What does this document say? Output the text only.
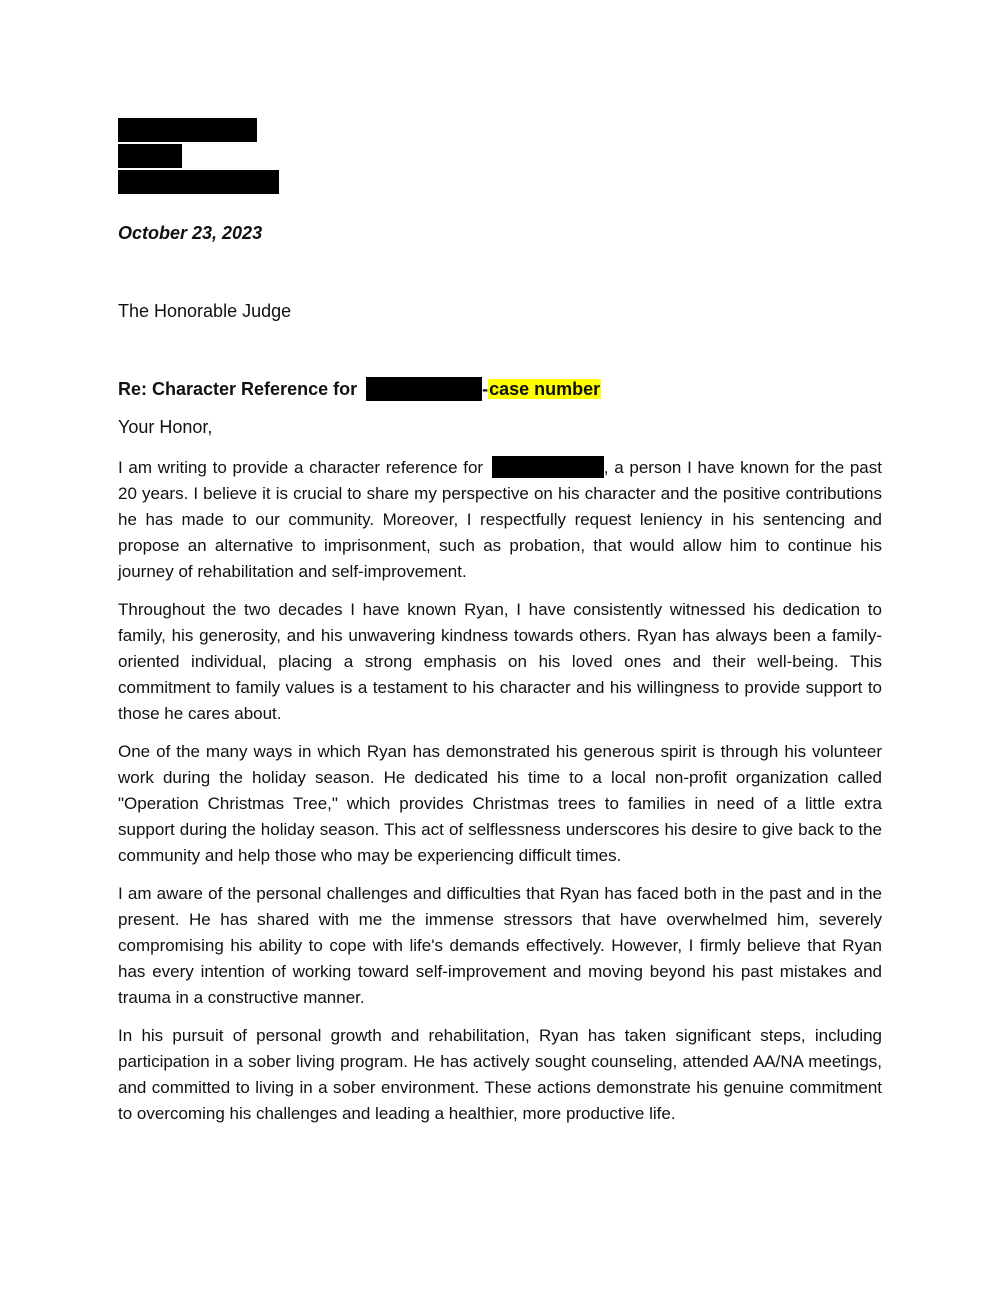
October 23, 2023
The Honorable Judge
Re: Character Reference for	-case number
Your Honor,

I am writing to provide a character reference for	, a person I have known for the past 20 years. I believe it is crucial to share my perspective on his character and the positive contributions he has made to our community. Moreover, I respectfully request leniency in his sentencing and propose an alternative to imprisonment, such as probation, that would allow him to continue his journey of rehabilitation and self-improvement.

Throughout the two decades I have known Ryan, I have consistently witnessed his dedication to family, his generosity, and his unwavering kindness towards others. Ryan has always been a family-oriented individual, placing a strong emphasis on his loved ones and their well-being. This commitment to family values is a testament to his character and his willingness to provide support to those he cares about.

One of the many ways in which Ryan has demonstrated his generous spirit is through his volunteer work during the holiday season. He dedicated his time to a local non-profit organization called "Operation Christmas Tree," which provides Christmas trees to families in need of a little extra support during the holiday season. This act of selflessness underscores his desire to give back to the community and help those who may be experiencing difficult times.

I am aware of the personal challenges and difficulties that Ryan has faced both in the past and in the present. He has shared with me the immense stressors that have overwhelmed him, severely compromising his ability to cope with life's demands effectively. However, I firmly believe that Ryan has every intention of working toward self-improvement and moving beyond his past mistakes and trauma in a constructive manner.

In his pursuit of personal growth and rehabilitation, Ryan has taken significant steps, including participation in a sober living program. He has actively sought counseling, attended AA/NA meetings, and committed to living in a sober environment. These actions demonstrate his genuine commitment to overcoming his challenges and leading a healthier, more productive life.
